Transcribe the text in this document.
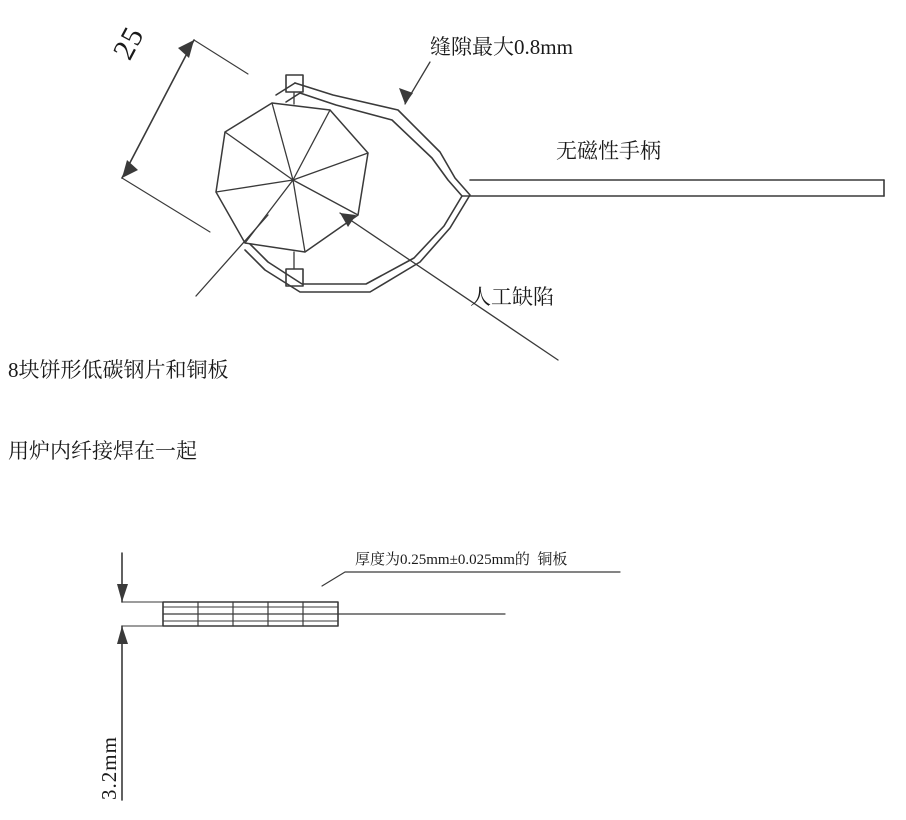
缝隙最大0.8mm
无磁性手柄
人工缺陷

8块饼形低碳钢片和铜板

用炉内纤接焊在一起

厚度为0.25mm±0.025mm的  铜板
25
3.2mm
